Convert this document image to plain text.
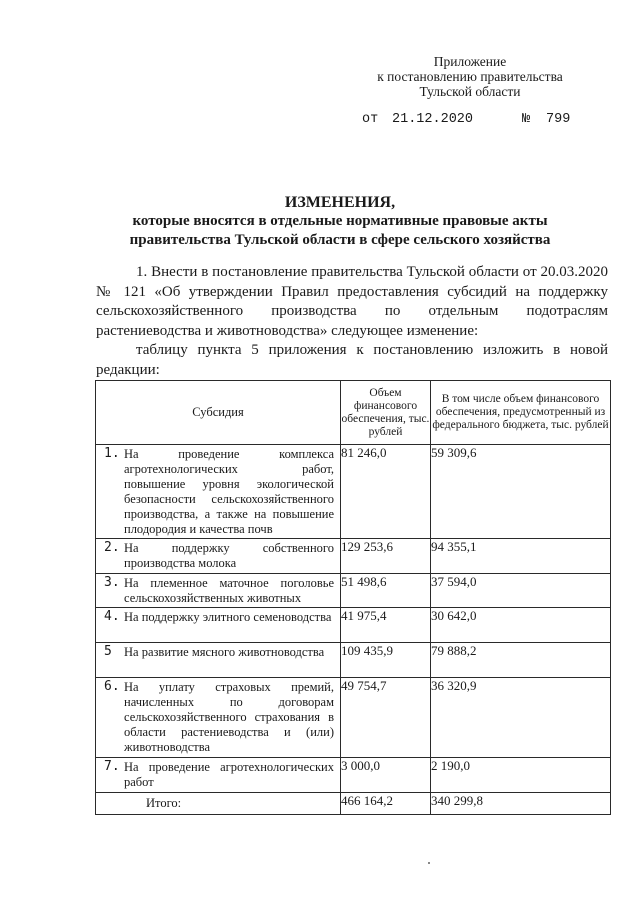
Приложение
к постановлению правительства
Тульской области
от 21.12.2020	№ 799
ИЗМЕНЕНИЯ,
которые вносятся в отдельные нормативные правовые акты
правительства Тульской области в сфере сельского хозяйства
1. Внести в постановление правительства Тульской области от 20.03.2020 № 121 «Об утверждении Правил предоставления субсидий на поддержку сельскохозяйственного производства по отдельным подотраслям растениеводства и животноводства» следующее изменение:
таблицу пункта 5 приложения к постановлению изложить в новой редакции:
Субсидия	Объем финансового обеспечения, тыс. рублей	В том числе объем финансового обеспечения, предусмотренный из федерального бюджета, тыс. рублей

1. На проведение комплекса агротехнологических работ, повышение уровня экологической безопасности сельскохозяйственного производства, а также на повышение плодородия и качества почв	81 246,0	59 309,6

2. На поддержку собственного производства молока	129 253,6	94 355,1

3. На племенное маточное поголовье сельскохозяйственных животных	51 498,6	37 594,0

4. На поддержку элитного семеноводства	41 975,4	30 642,0

5 На развитие мясного животноводства	109 435,9	79 888,2

6. На уплату страховых премий, начисленных по договорам сельскохозяйственного страхования в области растениеводства и (или) животноводства	49 754,7	36 320,9

7. На проведение агротехнологических работ	3 000,0	2 190,0
Итого:	466 164,2	340 299,8
